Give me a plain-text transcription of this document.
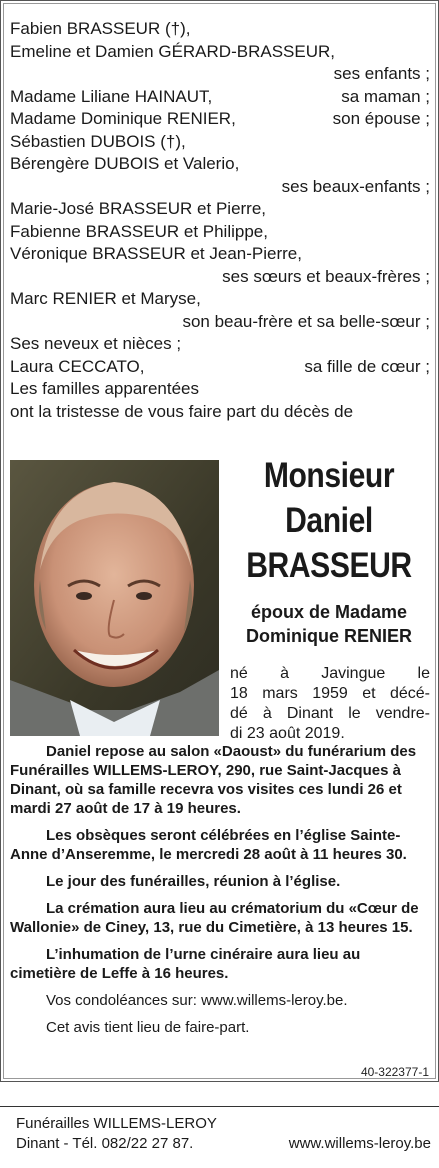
Fabien BRASSEUR (†),
Emeline et Damien GÉRARD-BRASSEUR,
ses enfants ;
Madame Liliane HAINAUT,	sa maman ;
Madame Dominique RENIER,	son épouse ;
Sébastien DUBOIS (†),
Bérengère DUBOIS et Valerio,
ses beaux-enfants ;
Marie-José BRASSEUR et Pierre,
Fabienne BRASSEUR et Philippe,
Véronique BRASSEUR et Jean-Pierre,
ses sœurs et beaux-frères ;
Marc RENIER et Maryse,
son beau-frère et sa belle-sœur ;
Ses neveux et nièces ;
Laura CECCATO,	sa fille de cœur ;
Les familles apparentées
ont la tristesse de vous faire part du décès de
Monsieur
Daniel
BRASSEUR
époux de Madame
Dominique RENIER
né à Javingue le
18 mars 1959 et décé-
dé à Dinant le vendre-
di 23 août 2019.

Daniel repose au salon «Daoust» du funérarium des Funérailles WILLEMS-LEROY, 290, rue Saint-Jacques à Dinant, où sa famille recevra vos visites ces lundi 26 et mardi 27 août de 17 à 19 heures.

Les obsèques seront célébrées en l’église Sainte-Anne d’Anseremme, le mercredi 28 août à 11 heures 30.

Le jour des funérailles, réunion à l’église.

La crémation aura lieu au crématorium du «Cœur de Wallonie» de Ciney, 13, rue du Cimetière, à 13 heures 15.

L’inhumation de l’urne cinéraire aura lieu au cimetière de Leffe à 16 heures.

Vos condoléances sur: www.willems-leroy.be.

Cet avis tient lieu de faire-part.

40-322377-1
Funérailles WILLEMS-LEROY
Dinant - Tél. 082/22 27 87.	www.willems-leroy.be
